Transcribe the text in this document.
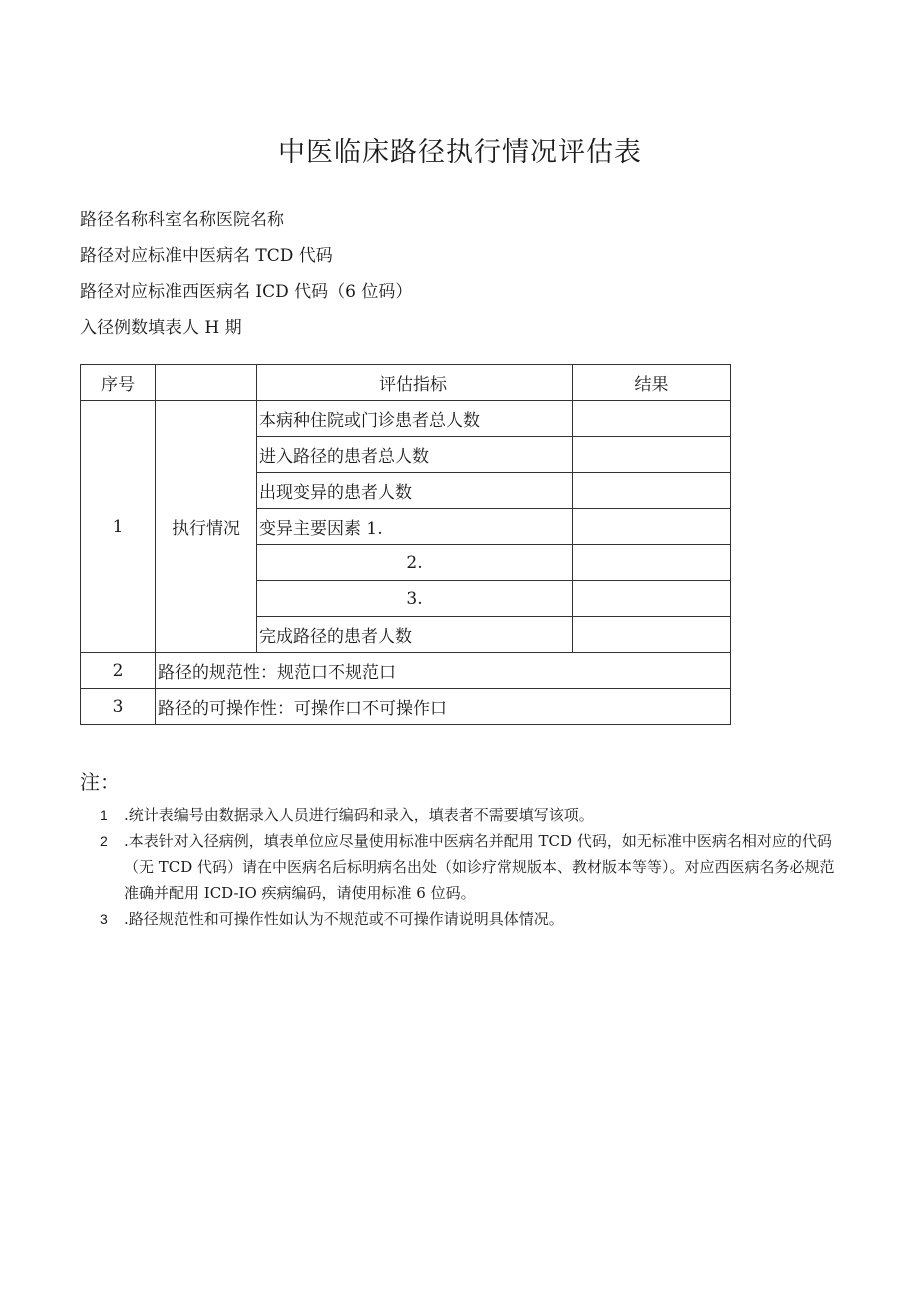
中医临床路径执行情况评估表
路径名称科室名称医院名称
路径对应标准中医病名 TCD 代码
路径对应标准西医病名 ICD 代码（6 位码）
入径例数填表人 H 期
序号		评估指标	结果
1	执行情况	本病种住院或门诊患者总人数	
		进入路径的患者总人数	
		出现变异的患者人数	
		变异主要因素 1.	
		2.	
		3.	
		完成路径的患者人数	
2	路径的规范性：规范口不规范口		
3	路径的可操作性：可操作口不可操作口		
注：
1	.统计表编号由数据录入人员进行编码和录入，填表者不需要填写该项。
2	.本表针对入径病例，填表单位应尽量使用标准中医病名并配用 TCD 代码，如无标准中医病名相对应的代码（无 TCD 代码）请在中医病名后标明病名出处（如诊疗常规版本、教材版本等等）。对应西医病名务必规范准确并配用 ICD-IO 疾病编码，请使用标准 6 位码。
3	.路径规范性和可操作性如认为不规范或不可操作请说明具体情况。
